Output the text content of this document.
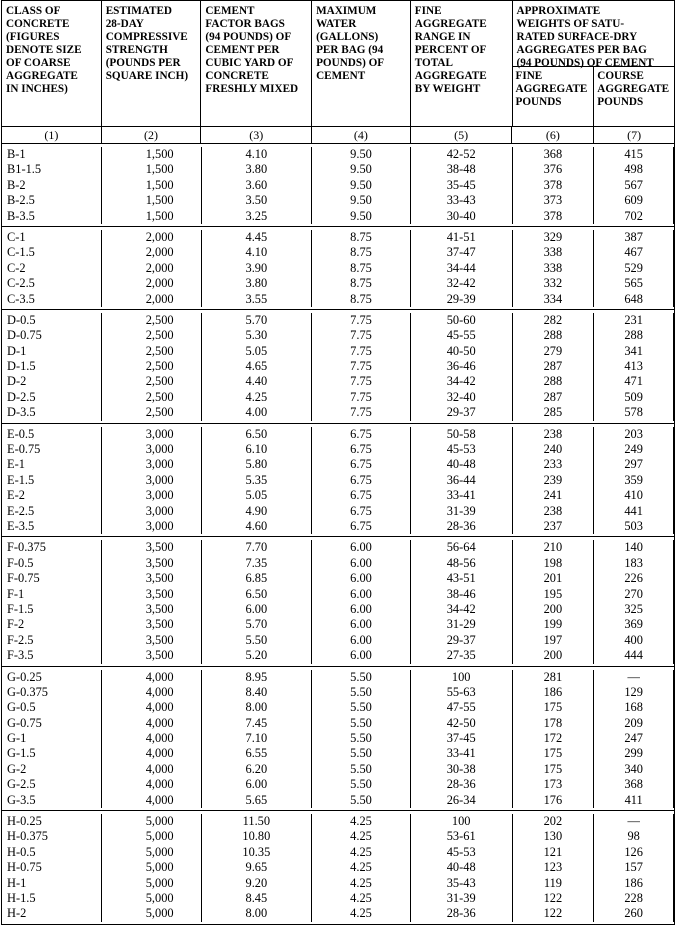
CLASS OF
CONCRETE
(FIGURES
DENOTE SIZE
OF COARSE
AGGREGATE
IN INCHES)
ESTIMATED
28-DAY
COMPRESSIVE
STRENGTH
(POUNDS PER
SQUARE INCH)
CEMENT
FACTOR BAGS
(94 POUNDS) OF
CEMENT PER
CUBIC YARD OF
CONCRETE
FRESHLY MIXED
MAXIMUM
WATER
(GALLONS)
PER BAG (94
POUNDS) OF
CEMENT
FINE
AGGREGATE
RANGE IN
PERCENT OF
TOTAL
AGGREGATE
BY WEIGHT
APPROXIMATE
WEIGHTS OF SATU-
RATED SURFACE-DRY
AGGREGATES PER BAG
(94 POUNDS) OF CEMENT
FINE
AGGREGATE
POUNDS
COURSE
AGGREGATE
POUNDS
(1)	(2)	(3)	(4)	(5)	(6)	(7)
B-1	1,500	4.10	9.50	42-52	368	415
B1-1.5	1,500	3.80	9.50	38-48	376	498
B-2	1,500	3.60	9.50	35-45	378	567
B-2.5	1,500	3.50	9.50	33-43	373	609
B-3.5	1,500	3.25	9.50	30-40	378	702
C-1	2,000	4.45	8.75	41-51	329	387
C-1.5	2,000	4.10	8.75	37-47	338	467
C-2	2,000	3.90	8.75	34-44	338	529
C-2.5	2,000	3.80	8.75	32-42	332	565
C-3.5	2,000	3.55	8.75	29-39	334	648
D-0.5	2,500	5.70	7.75	50-60	282	231
D-0.75	2,500	5.30	7.75	45-55	288	288
D-1	2,500	5.05	7.75	40-50	279	341
D-1.5	2,500	4.65	7.75	36-46	287	413
D-2	2,500	4.40	7.75	34-42	288	471
D-2.5	2,500	4.25	7.75	32-40	287	509
D-3.5	2,500	4.00	7.75	29-37	285	578
E-0.5	3,000	6.50	6.75	50-58	238	203
E-0.75	3,000	6.10	6.75	45-53	240	249
E-1	3,000	5.80	6.75	40-48	233	297
E-1.5	3,000	5.35	6.75	36-44	239	359
E-2	3,000	5.05	6.75	33-41	241	410
E-2.5	3,000	4.90	6.75	31-39	238	441
E-3.5	3,000	4.60	6.75	28-36	237	503
F-0.375	3,500	7.70	6.00	56-64	210	140
F-0.5	3,500	7.35	6.00	48-56	198	183
F-0.75	3,500	6.85	6.00	43-51	201	226
F-1	3,500	6.50	6.00	38-46	195	270
F-1.5	3,500	6.00	6.00	34-42	200	325
F-2	3,500	5.70	6.00	31-29	199	369
F-2.5	3,500	5.50	6.00	29-37	197	400
F-3.5	3,500	5.20	6.00	27-35	200	444
G-0.25	4,000	8.95	5.50	100	281	—
G-0.375	4,000	8.40	5.50	55-63	186	129
G-0.5	4,000	8.00	5.50	47-55	175	168
G-0.75	4,000	7.45	5.50	42-50	178	209
G-1	4,000	7.10	5.50	37-45	172	247
G-1.5	4,000	6.55	5.50	33-41	175	299
G-2	4,000	6.20	5.50	30-38	175	340
G-2.5	4,000	6.00	5.50	28-36	173	368
G-3.5	4,000	5.65	5.50	26-34	176	411
H-0.25	5,000	11.50	4.25	100	202	—
H-0.375	5,000	10.80	4.25	53-61	130	98
H-0.5	5,000	10.35	4.25	45-53	121	126
H-0.75	5,000	9.65	4.25	40-48	123	157
H-1	5,000	9.20	4.25	35-43	119	186
H-1.5	5,000	8.45	4.25	31-39	122	228
H-2	5,000	8.00	4.25	28-36	122	260
